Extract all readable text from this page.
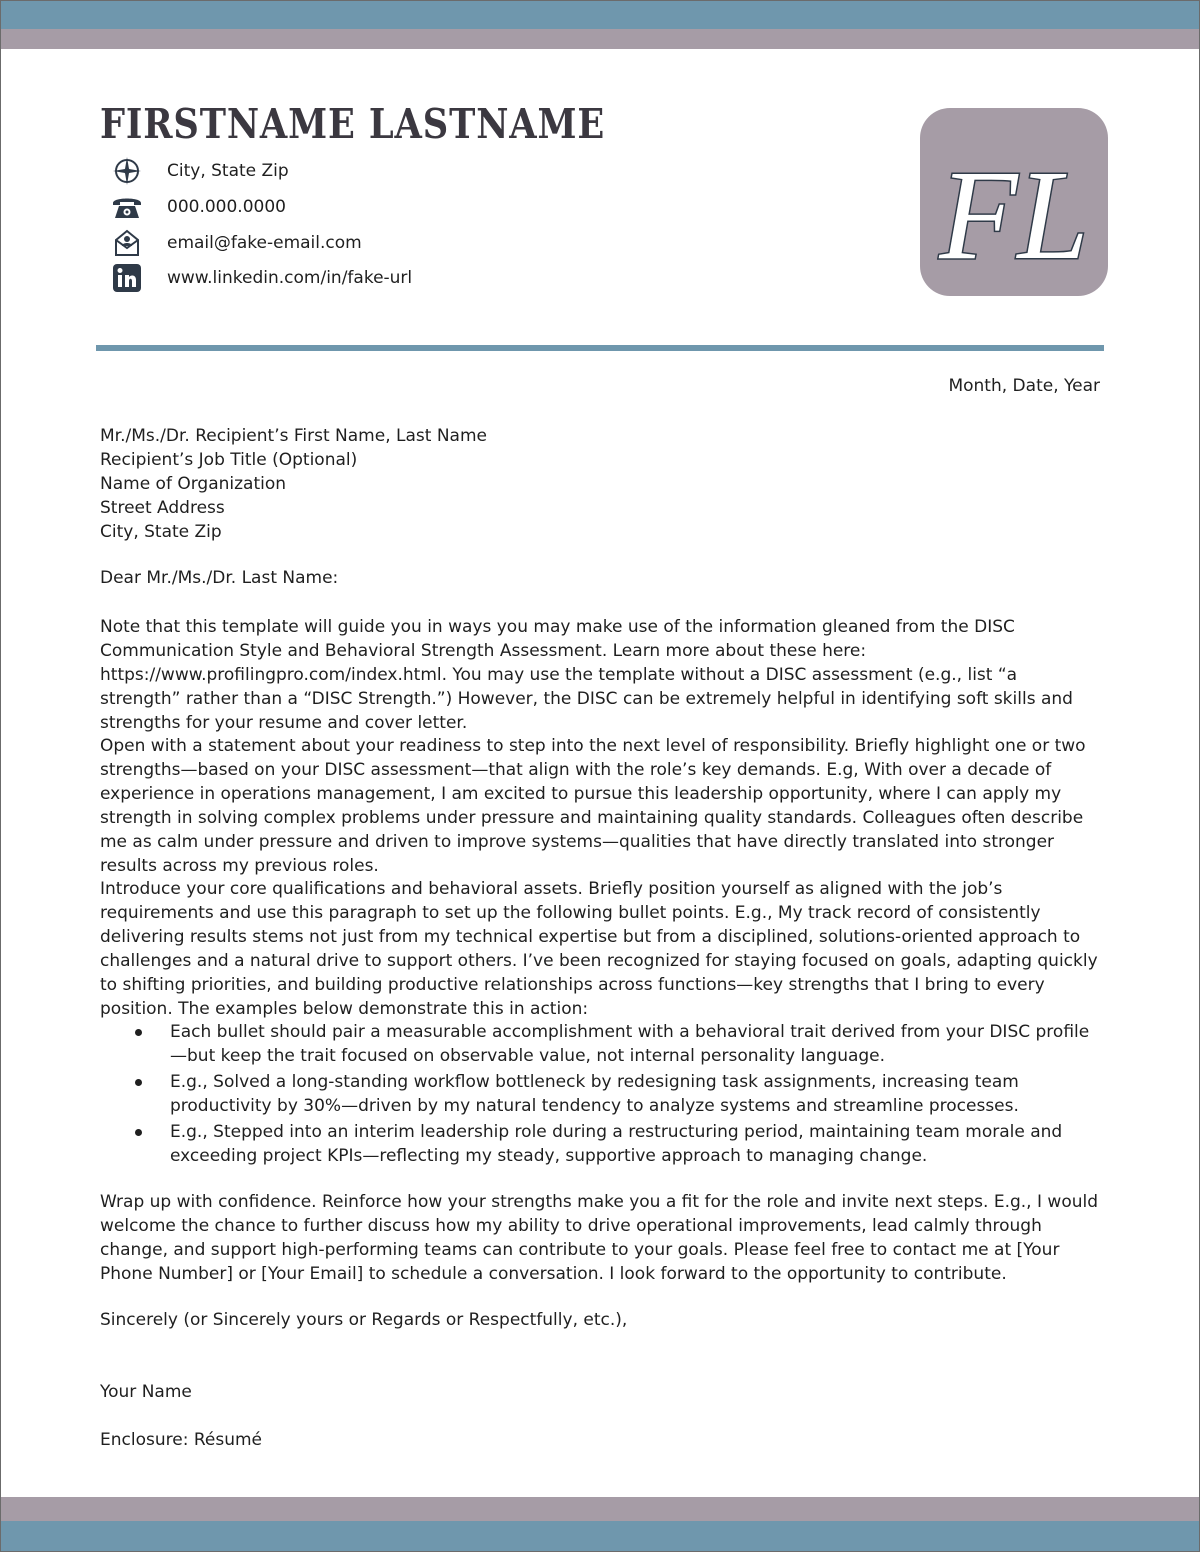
FIRSTNAME LASTNAME
City, State Zip
000.000.0000
email@fake-email.com
www.linkedin.com/in/fake-url	FL
Month, Date, Year
Mr./Ms./Dr. Recipient’s First Name, Last Name
Recipient’s Job Title (Optional)
Name of Organization
Street Address
City, State Zip
Dear Mr./Ms./Dr. Last Name:

Note that this template will guide you in ways you may make use of the information gleaned from the DISC Communication Style and Behavioral Strength Assessment. Learn more about these here: https://www.profilingpro.com/index.html. You may use the template without a DISC assessment (e.g., list “a strength” rather than a “DISC Strength.”) However, the DISC can be extremely helpful in identifying soft skills and strengths for your resume and cover letter.

Open with a statement about your readiness to step into the next level of responsibility. Briefly highlight one or two strengths—based on your DISC assessment—that align with the role’s key demands. E.g, With over a decade of experience in operations management, I am excited to pursue this leadership opportunity, where I can apply my strength in solving complex problems under pressure and maintaining quality standards. Colleagues often describe me as calm under pressure and driven to improve systems—qualities that have directly translated into stronger results across my previous roles.

Introduce your core qualifications and behavioral assets. Briefly position yourself as aligned with the job’s requirements and use this paragraph to set up the following bullet points. E.g., My track record of consistently delivering results stems not just from my technical expertise but from a disciplined, solutions-oriented approach to challenges and a natural drive to support others. I’ve been recognized for staying focused on goals, adapting quickly to shifting priorities, and building productive relationships across functions—key strengths that I bring to every position. The examples below demonstrate this in action:

Each bullet should pair a measurable accomplishment with a behavioral trait derived from your DISC profile—but keep the trait focused on observable value, not internal personality language.
E.g., Solved a long-standing workflow bottleneck by redesigning task assignments, increasing team productivity by 30%—driven by my natural tendency to analyze systems and streamline processes.
E.g., Stepped into an interim leadership role during a restructuring period, maintaining team morale and exceeding project KPIs—reflecting my steady, supportive approach to managing change.

Wrap up with confidence. Reinforce how your strengths make you a fit for the role and invite next steps. E.g., I would welcome the chance to further discuss how my ability to drive operational improvements, lead calmly through change, and support high-performing teams can contribute to your goals. Please feel free to contact me at [Your Phone Number] or [Your Email] to schedule a conversation. I look forward to the opportunity to contribute.

Sincerely (or Sincerely yours or Regards or Respectfully, etc.),
Your Name
Enclosure: Résumé
